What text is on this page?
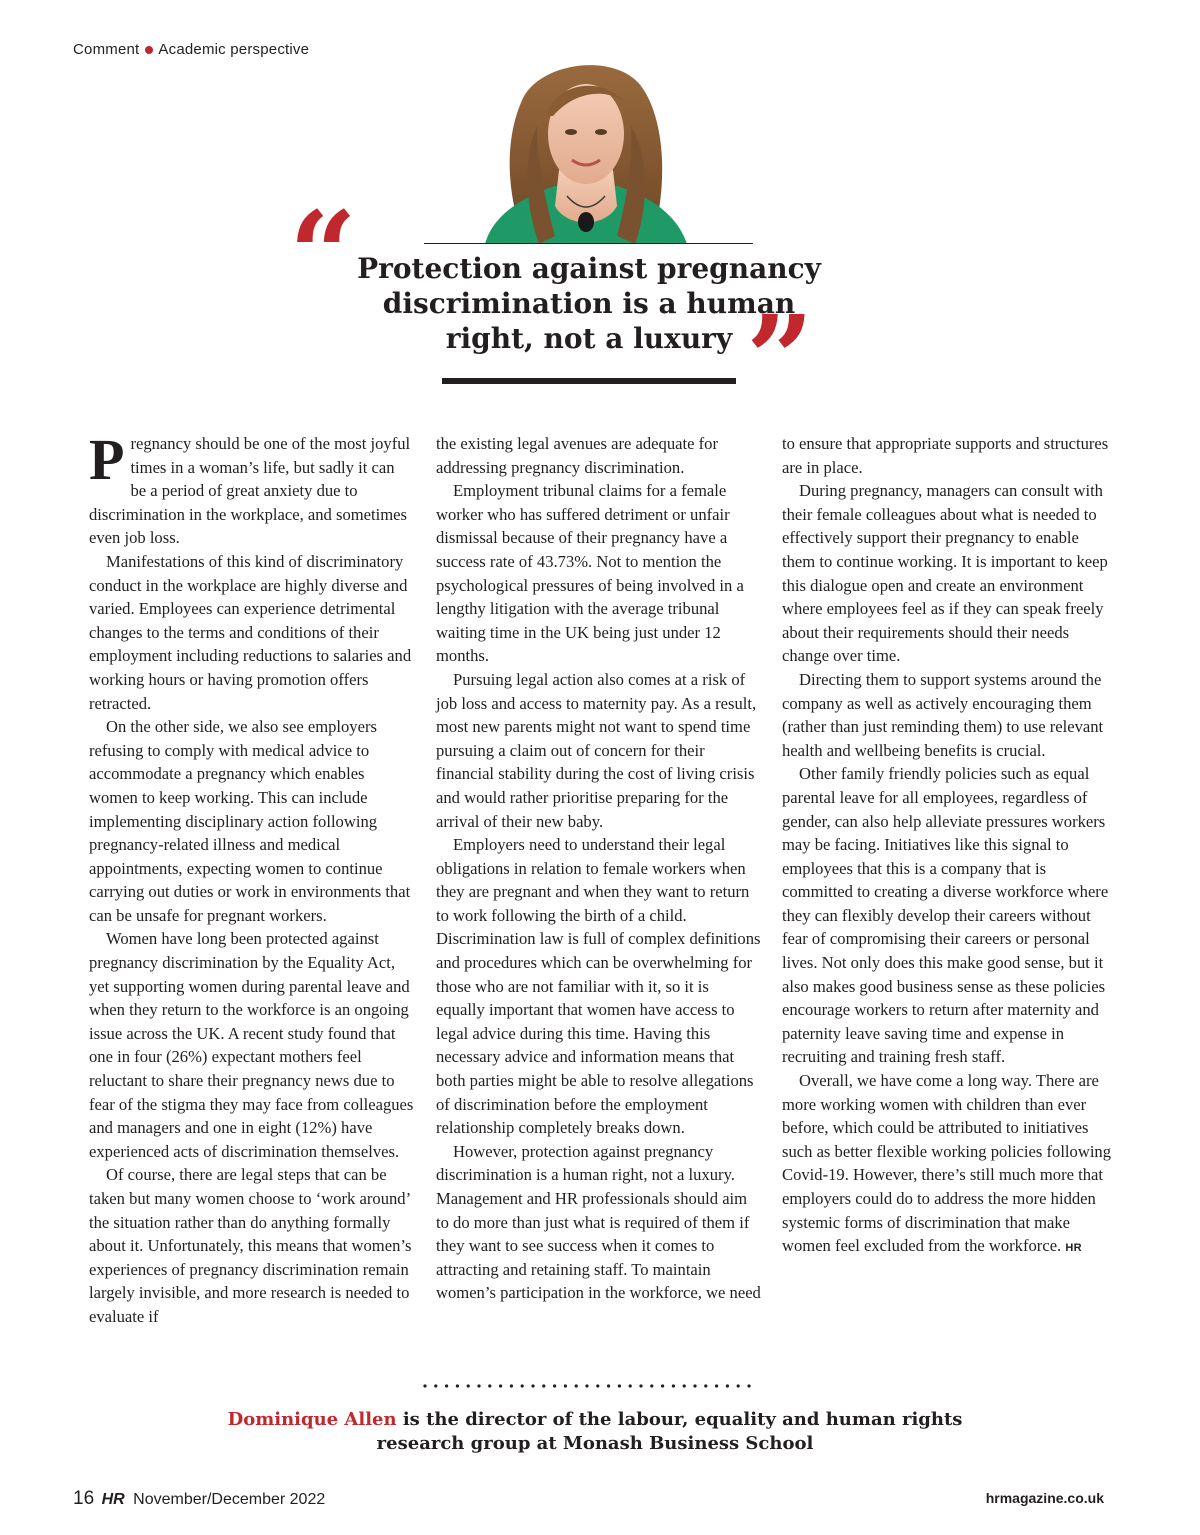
Comment Academic perspective
“ Protection against pregnancy discrimination is a human right, not a luxury ”

Pregnancy should be one of the most joyful times in a woman’s life, but sadly it can be a period of great anxiety due to discrimination in the workplace, and sometimes even job loss.

Manifestations of this kind of discriminatory conduct in the workplace are highly diverse and varied. Employees can experience detrimental changes to the terms and conditions of their employment including reductions to salaries and working hours or having promotion offers retracted.

On the other side, we also see employers refusing to comply with medical advice to accommodate a pregnancy which enables women to keep working. This can include implementing disciplinary action following pregnancy-related illness and medical appointments, expecting women to continue carrying out duties or work in environments that can be unsafe for pregnant workers.

Women have long been protected against pregnancy discrimination by the Equality Act, yet supporting women during parental leave and when they return to the workforce is an ongoing issue across the UK. A recent study found that one in four (26%) expectant mothers feel reluctant to share their pregnancy news due to fear of the stigma they may face from colleagues and managers and one in eight (12%) have experienced acts of discrimination themselves.

Of course, there are legal steps that can be taken but many women choose to ‘work around’ the situation rather than do anything formally about it. Unfortunately, this means that women’s experiences of pregnancy discrimination remain largely invisible, and more research is needed to evaluate if

the existing legal avenues are adequate for addressing pregnancy discrimination.

Employment tribunal claims for a female worker who has suffered detriment or unfair dismissal because of their pregnancy have a success rate of 43.73%. Not to mention the psychological pressures of being involved in a lengthy litigation with the average tribunal waiting time in the UK being just under 12 months.

Pursuing legal action also comes at a risk of job loss and access to maternity pay. As a result, most new parents might not want to spend time pursuing a claim out of concern for their financial stability during the cost of living crisis and would rather prioritise preparing for the arrival of their new baby.

Employers need to understand their legal obligations in relation to female workers when they are pregnant and when they want to return to work following the birth of a child. Discrimination law is full of complex definitions and procedures which can be overwhelming for those who are not familiar with it, so it is equally important that women have access to legal advice during this time. Having this necessary advice and information means that both parties might be able to resolve allegations of discrimination before the employment relationship completely breaks down.

However, protection against pregnancy discrimination is a human right, not a luxury. Management and HR professionals should aim to do more than just what is required of them if they want to see success when it comes to attracting and retaining staff. To maintain women’s participation in the workforce, we need

to ensure that appropriate supports and structures are in place.

During pregnancy, managers can consult with their female colleagues about what is needed to effectively support their pregnancy to enable them to continue working. It is important to keep this dialogue open and create an environment where employees feel as if they can speak freely about their requirements should their needs change over time.

Directing them to support systems around the company as well as actively encouraging them (rather than just reminding them) to use relevant health and wellbeing benefits is crucial.

Other family friendly policies such as equal parental leave for all employees, regardless of gender, can also help alleviate pressures workers may be facing. Initiatives like this signal to employees that this is a company that is committed to creating a diverse workforce where they can flexibly develop their careers without fear of compromising their careers or personal lives. Not only does this make good sense, but it also makes good business sense as these policies encourage workers to return after maternity and paternity leave saving time and expense in recruiting and training fresh staff.

Overall, we have come a long way. There are more working women with children than ever before, which could be attributed to initiatives such as better flexible working policies following Covid-19. However, there’s still much more that employers could do to address the more hidden systemic forms of discrimination that make women feel excluded from the workforce. HR

Dominique Allen is the director of the labour, equality and human rights research group at Monash Business School
16 HR November/December 2022	hrmagazine.co.uk
